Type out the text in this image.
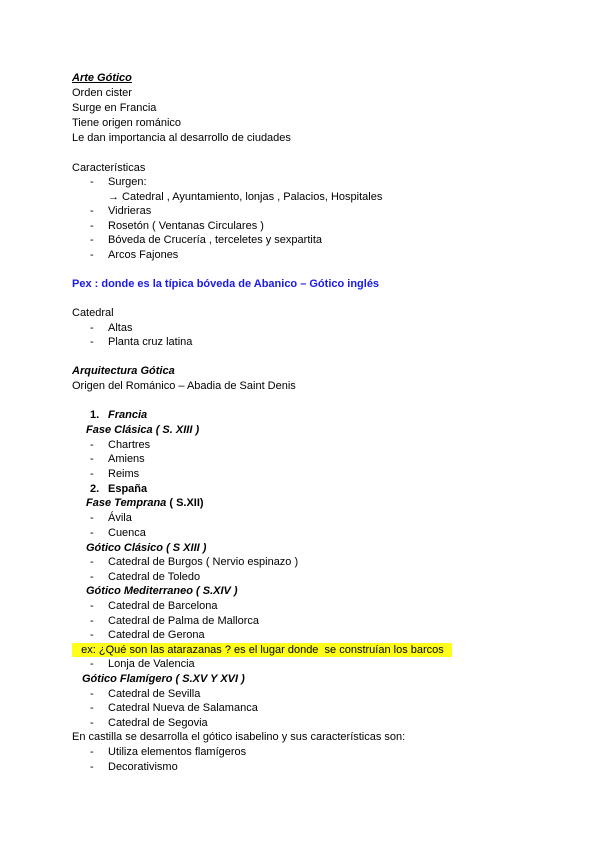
Arte Gótico
Orden cister
Surge en Francia
Tiene origen románico
Le dan importancia al desarrollo de ciudades
Características
- Surgen:
→ Catedral , Ayuntamiento, lonjas , Palacios, Hospitales
- Vidrieras
- Rosetón ( Ventanas Circulares )
- Bóveda de Crucería , terceletes y sexpartita
- Arcos Fajones
Pex : donde es la típica bóveda de Abanico – Gótico inglés
Catedral
- Altas
- Planta cruz latina
Arquitectura Gótica
Origen del Románico – Abadia de Saint Denis
1. Francia
Fase Clásica ( S. XIII )
- Chartres
- Amiens
- Reims
2. España
Fase Temprana ( S.XII)
- Ávila
- Cuenca
Gótico Clásico ( S XIII )
- Catedral de Burgos ( Nervio espinazo )
- Catedral de Toledo
Gótico Mediterraneo ( S.XIV )
- Catedral de Barcelona
- Catedral de Palma de Mallorca
- Catedral de Gerona
ex: ¿Qué son las atarazanas ? es el lugar donde  se construían los barcos
- Lonja de Valencia
Gótico Flamígero ( S.XV Y XVI )
- Catedral de Sevilla
- Catedral Nueva de Salamanca
- Catedral de Segovia
En castilla se desarrolla el gótico isabelino y sus características son:
- Utiliza elementos flamígeros
- Decorativismo
